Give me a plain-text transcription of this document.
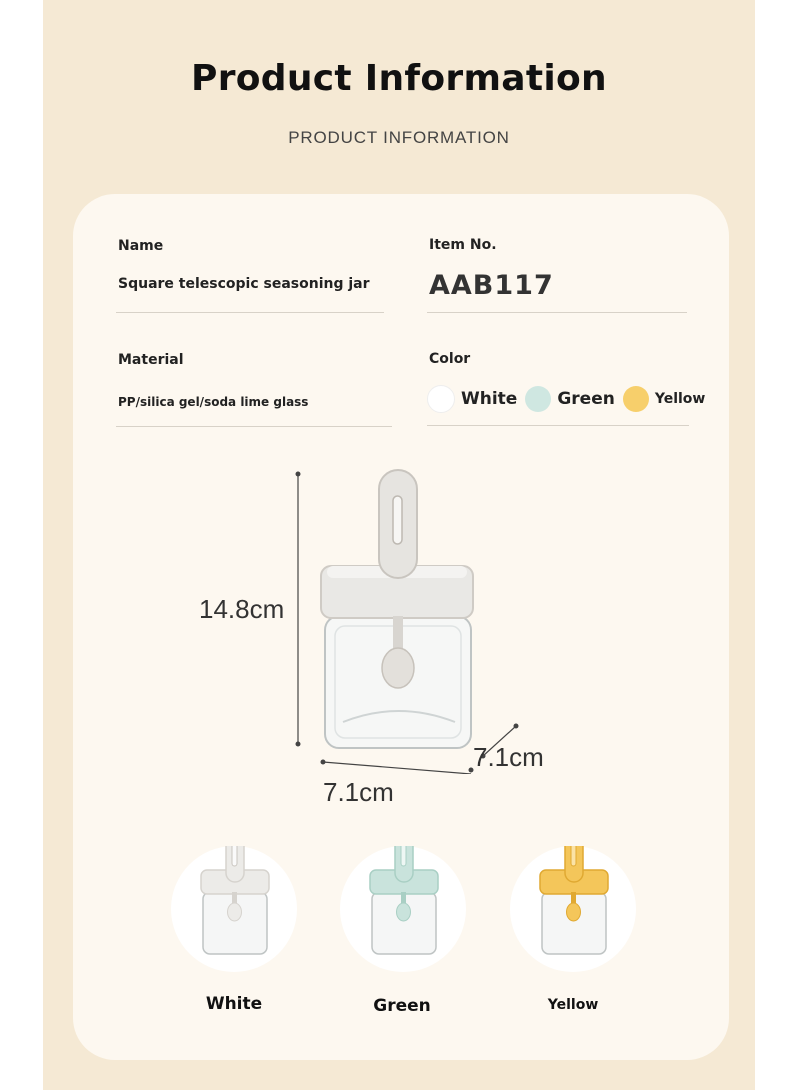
Product Information
PRODUCT INFORMATION
Name
Square telescopic seasoning jar
Item No.
AAB117
Material
PP/silica gel/soda lime glass
Color
White Green	Yellow
14.8cm
7.1cm
7.1cm
White	Green	Yellow
